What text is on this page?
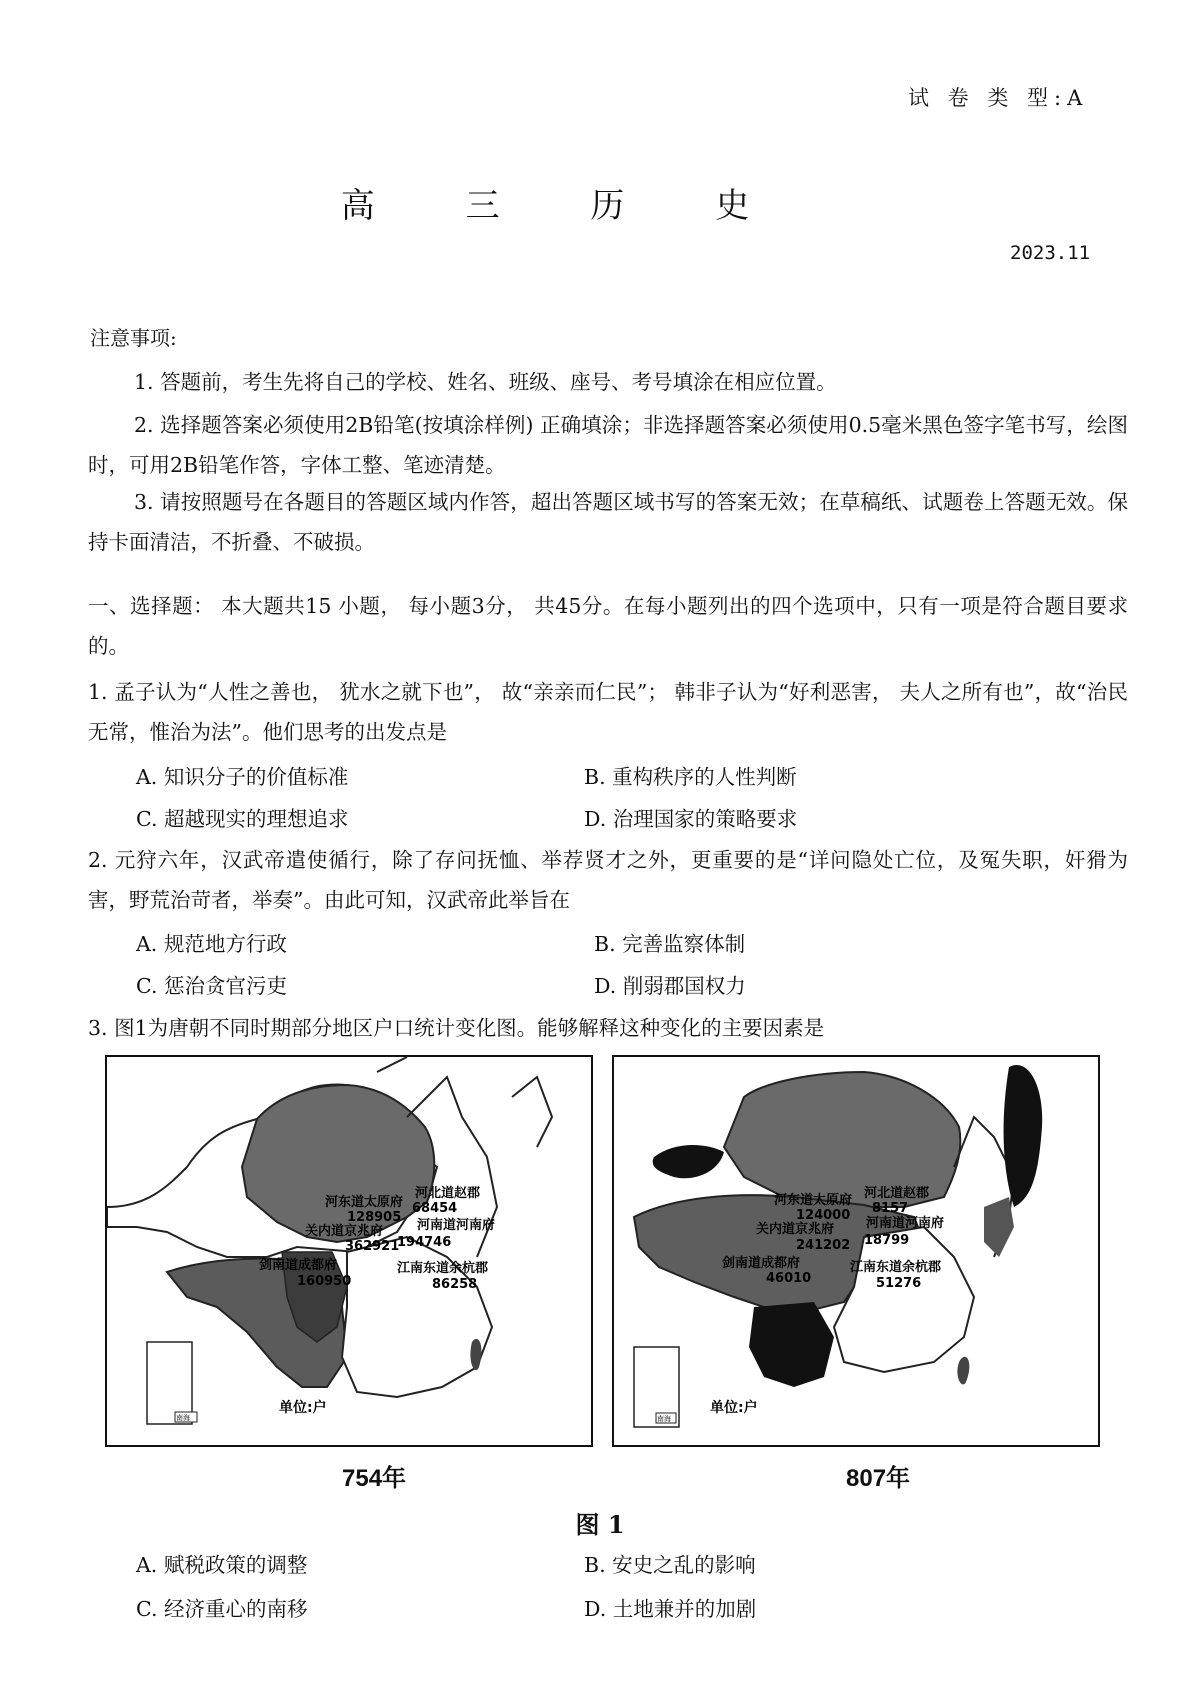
试 卷 类 型:A
高 三 历 史
2023.11
注意事项:
1. 答题前，考生先将自己的学校、姓名、班级、座号、考号填涂在相应位置。
2. 选择题答案必须使用2B铅笔(按填涂样例) 正确填涂；非选择题答案必须使用0.5毫米黑色签字笔书写，绘图时，可用2B铅笔作答，字体工整、笔迹清楚。
3. 请按照题号在各题目的答题区域内作答，超出答题区域书写的答案无效；在草稿纸、试题卷上答题无效。保持卡面清洁，不折叠、不破损。
一、选择题： 本大题共15 小题， 每小题3分， 共45分。在每小题列出的四个选项中，只有一项是符合题目要求的。
1. 孟子认为“人性之善也， 犹水之就下也”， 故“亲亲而仁民”； 韩非子认为“好利恶害， 夫人之所有也”，故“治民无常，惟治为法”。他们思考的出发点是
A. 知识分子的价值标准	B. 重构秩序的人性判断
C. 超越现实的理想追求	D. 治理国家的策略要求
2. 元狩六年，汉武帝遣使循行，除了存问抚恤、举荐贤才之外，更重要的是“详问隐处亡位，及冤失职，奸猾为害，野荒治苛者，举奏”。由此可知，汉武帝此举旨在
A. 规范地方行政	B. 完善监察体制
C. 惩治贪官污吏	D. 削弱郡国权力
3. 图1为唐朝不同时期部分地区户口统计变化图。能够解释这种变化的主要因素是
南海
单位:户
河东道太原府
128905
河北道赵郡
68454
关内道京兆府
362921
河南道河南府
194746
剑南道成都府
160950
江南东道余杭郡
86258
754年
南海
单位:户
河东道太原府
124000
河北道赵郡
8157
关内道京兆府
241202
河南道河南府
18799
剑南道成都府
46010
江南东道余杭郡
51276
807年
图 1
A. 赋税政策的调整	B. 安史之乱的影响
C. 经济重心的南移	D. 土地兼并的加剧
